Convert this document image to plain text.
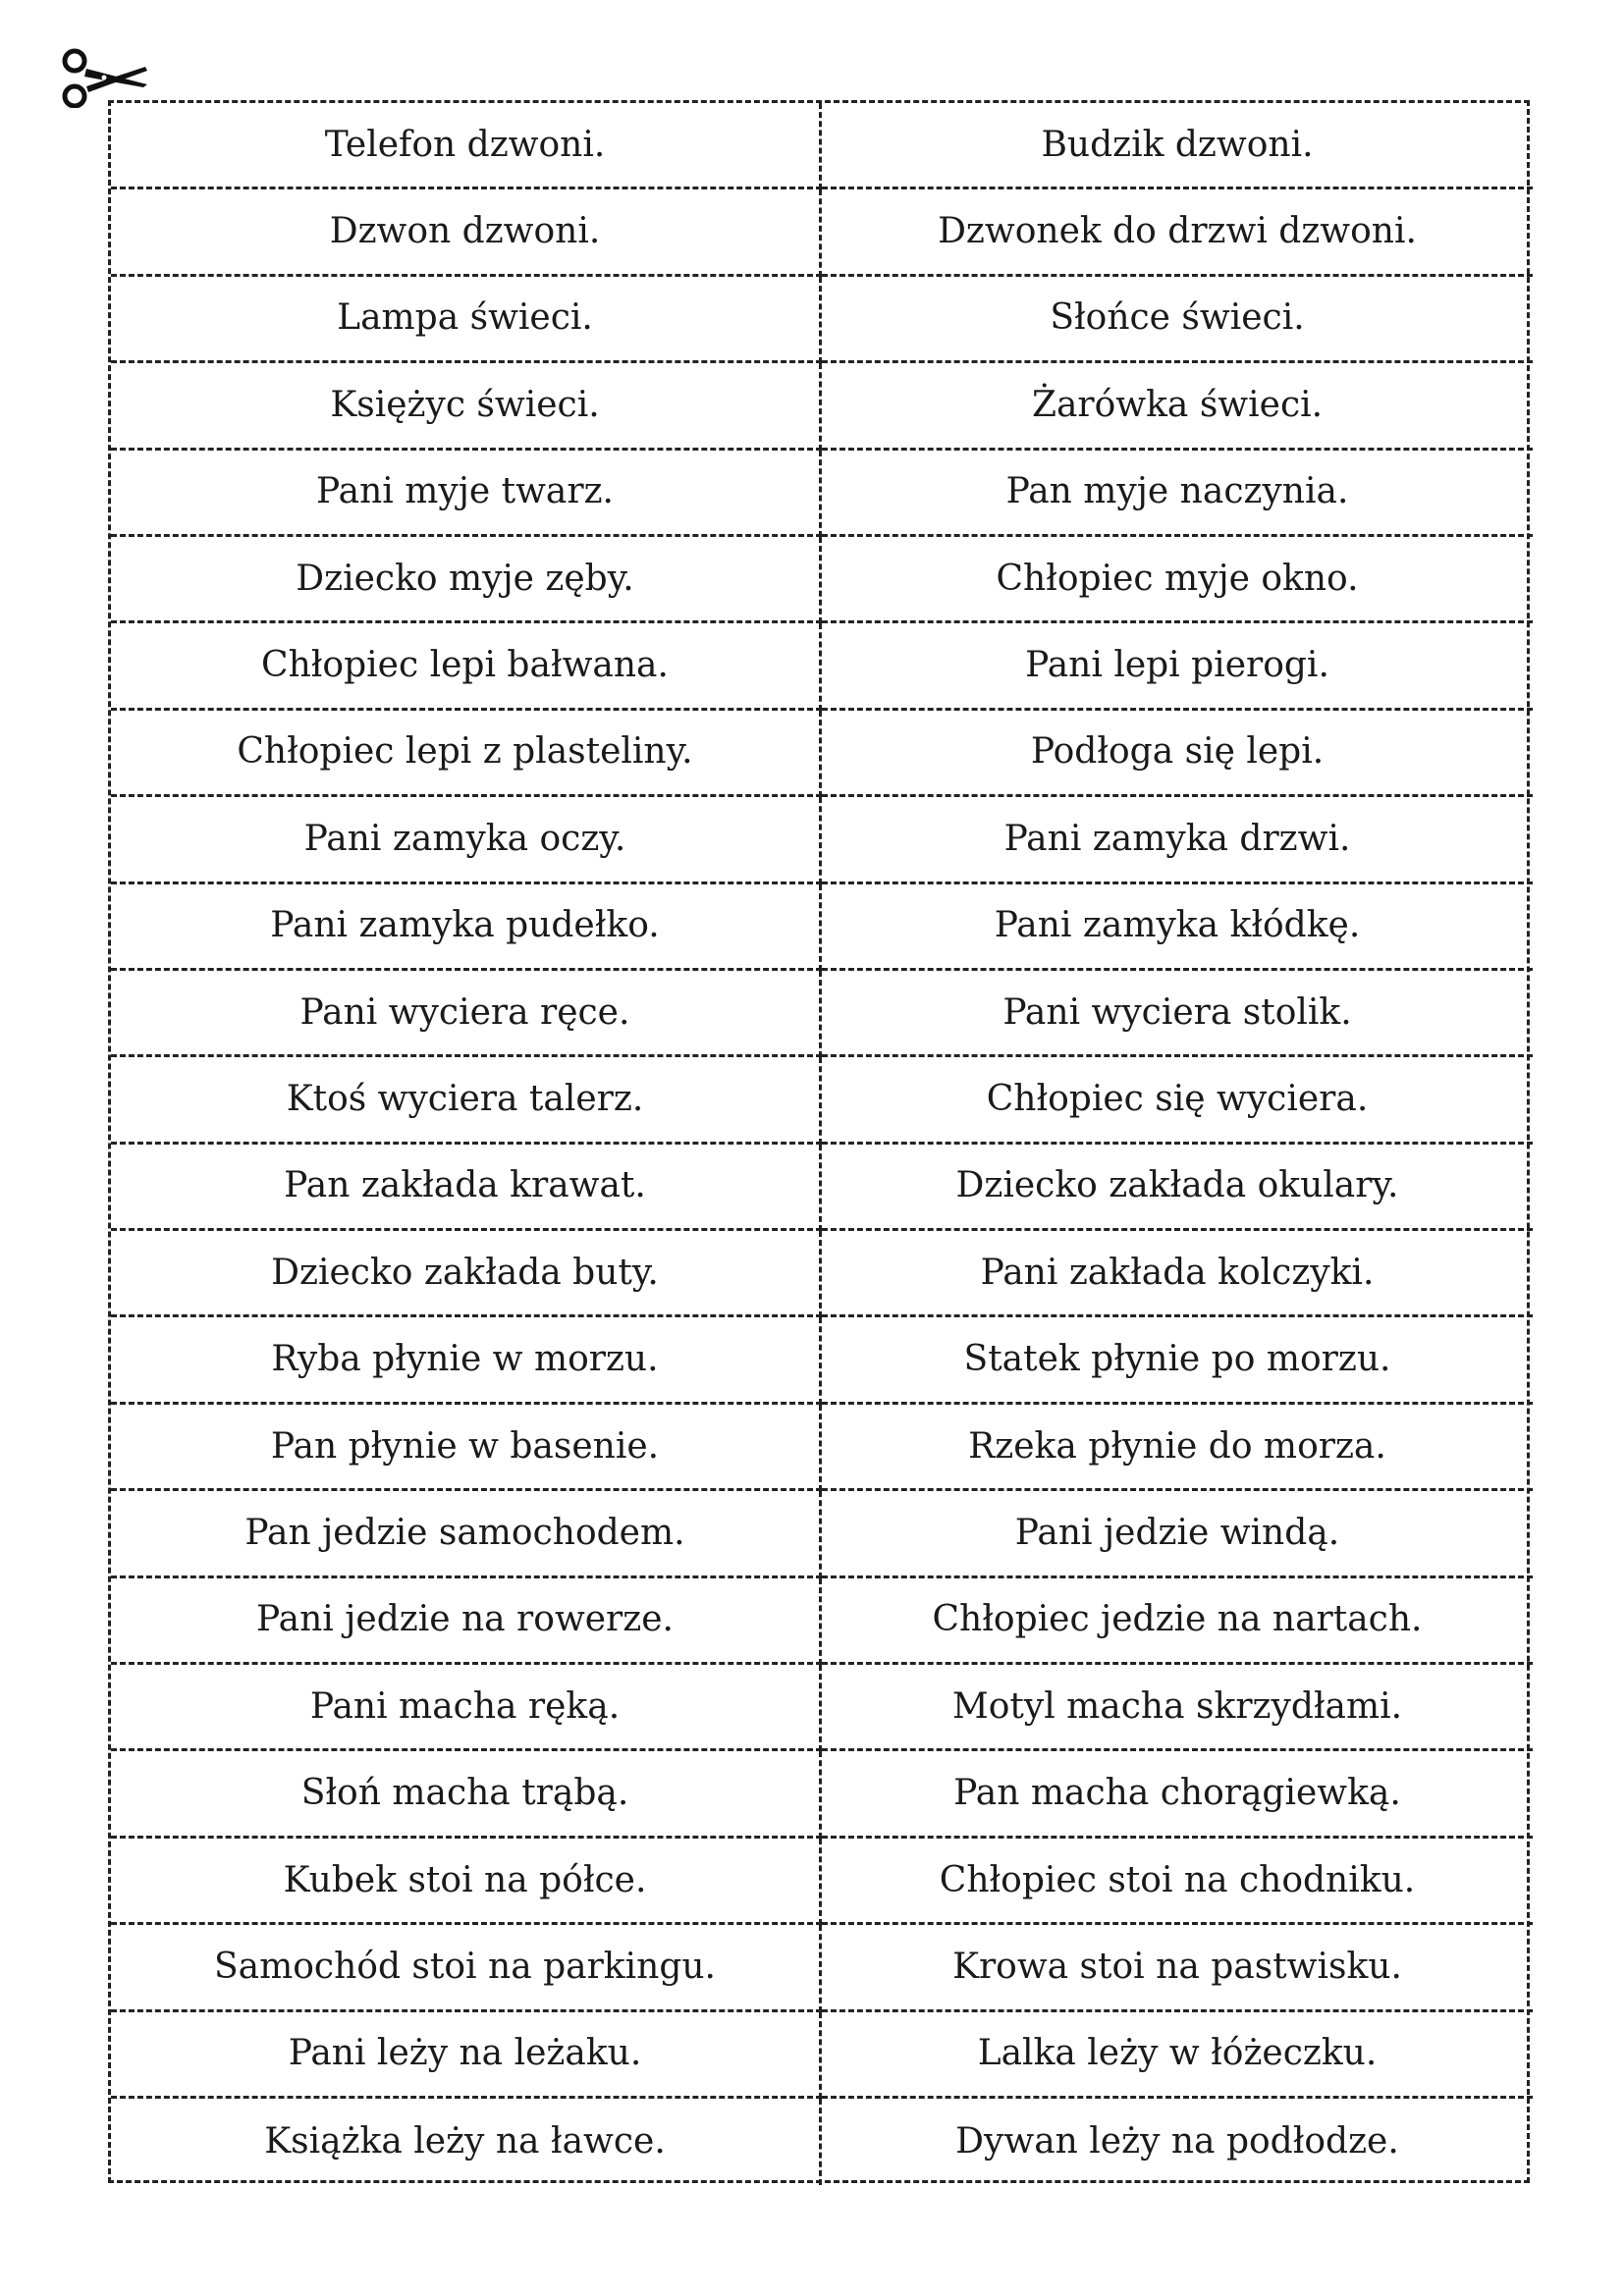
Telefon dzwoni.	Budzik dzwoni.
Dzwon dzwoni.	Dzwonek do drzwi dzwoni.
Lampa świeci.	Słońce świeci.
Księżyc świeci.	Żarówka świeci.
Pani myje twarz.	Pan myje naczynia.
Dziecko myje zęby.	Chłopiec myje okno.
Chłopiec lepi bałwana.	Pani lepi pierogi.
Chłopiec lepi z plasteliny.	Podłoga się lepi.
Pani zamyka oczy.	Pani zamyka drzwi.
Pani zamyka pudełko.	Pani zamyka kłódkę.
Pani wyciera ręce.	Pani wyciera stolik.
Ktoś wyciera talerz.	Chłopiec się wyciera.
Pan zakłada krawat.	Dziecko zakłada okulary.
Dziecko zakłada buty.	Pani zakłada kolczyki.
Ryba płynie w morzu.	Statek płynie po morzu.
Pan płynie w basenie.	Rzeka płynie do morza.
Pan jedzie samochodem.	Pani jedzie windą.
Pani jedzie na rowerze.	Chłopiec jedzie na nartach.
Pani macha ręką.	Motyl macha skrzydłami.
Słoń macha trąbą.	Pan macha chorągiewką.
Kubek stoi na półce.	Chłopiec stoi na chodniku.
Samochód stoi na parkingu.	Krowa stoi na pastwisku.
Pani leży na leżaku.	Lalka leży w łóżeczku.
Książka leży na ławce.	Dywan leży na podłodze.
